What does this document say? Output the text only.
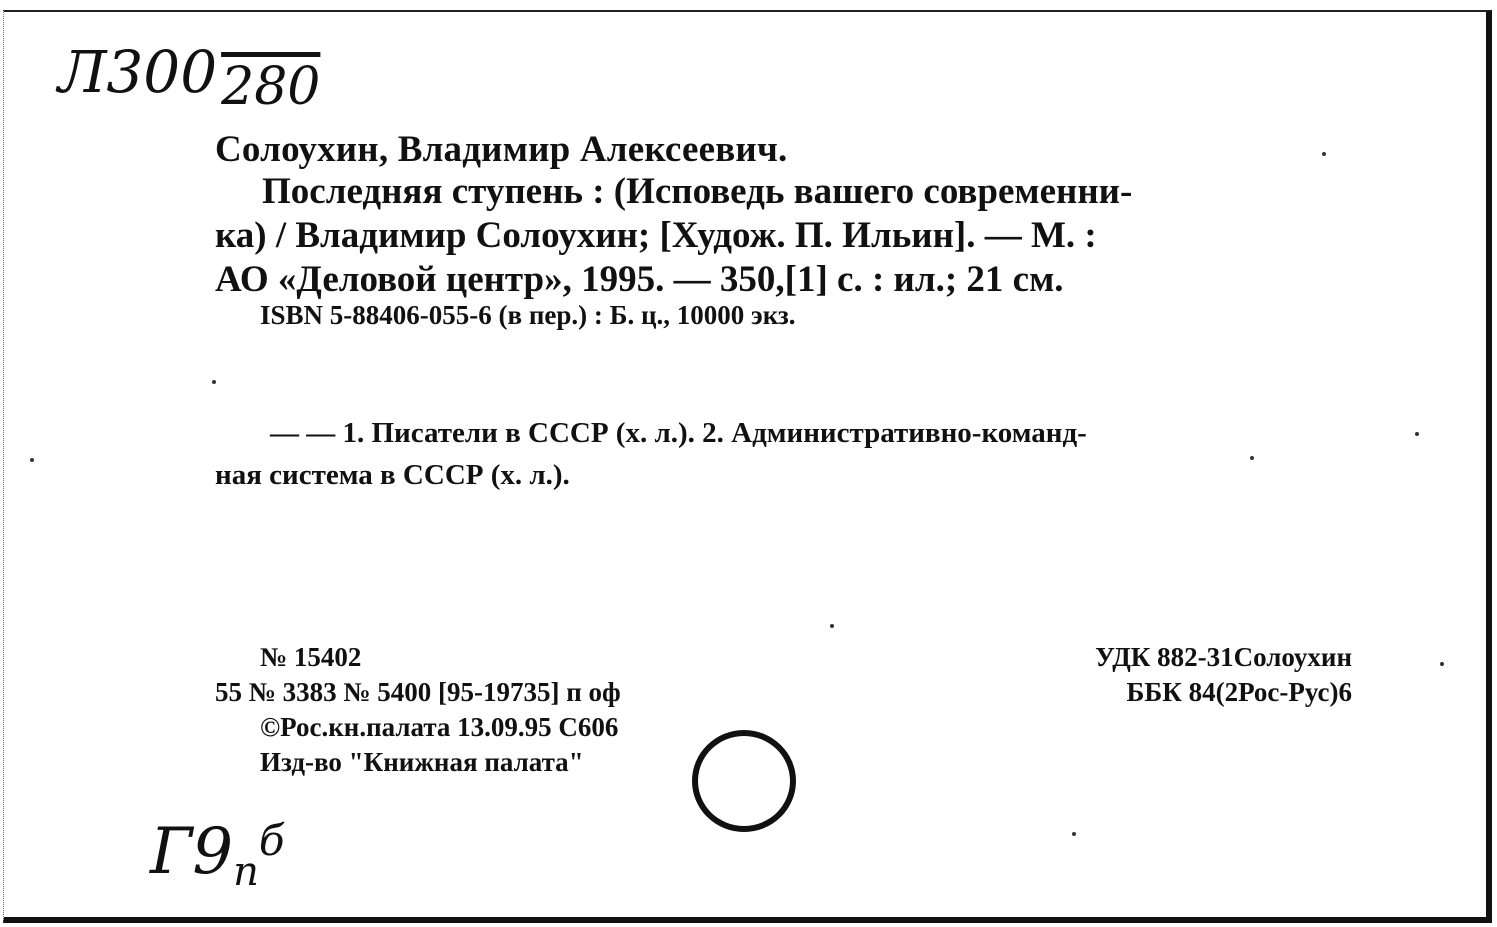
Л300280
$Г9п^б$
Солоухин, Владимир Алексеевич.
Последняя ступень : (Исповедь вашего современни-
ка) / Владимир Солоухин; [Худож. П. Ильин]. — М. :
АО «Деловой центр», 1995. — 350,[1] с. : ил.; 21 см.
ISBN 5-88406-055-6 (в пер.) : Б. ц., 10000 экз.
— — 1. Писатели в СССР (х. л.). 2. Административно-команд-
ная система в СССР (х. л.).
№ 15402
55 № 3383 № 5400 [95-19735] п оф
©Рос.кн.палата 13.09.95 С606
Изд-во "Книжная палата"
УДК 882-31Солоухин
ББК 84(2Рос-Рус)6
